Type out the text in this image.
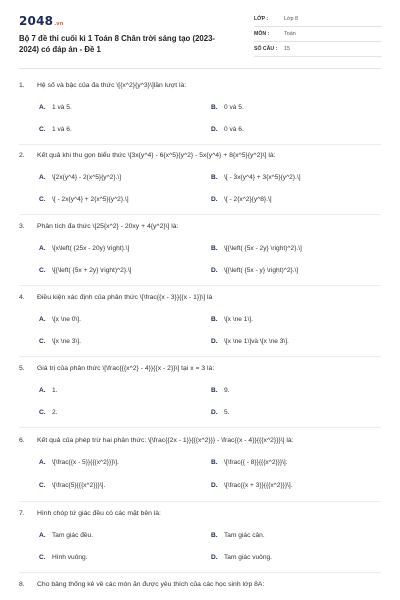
2048.vn
Bộ 7 đề thi cuối kì 1 Toán 8 Chân trời sáng tạo (2023-2024) có đáp án - Đề 1
LỚP :	Lớp 8
MÔN :	Toán
SỐ CÂU :	15
1. Hệ số và bậc của đa thức \[{x^2}{y^3}\]lần lượt là:
A. 1 và 5.	B. 0 và 5.
C. 1 và 6.	D. 0 và 6.
2. Kết quả khi thu gọn biểu thức \[3x{y^4} - 6{x^5}{y^2} - 5x{y^4} + 8{x^5}{y^2}\] là:
A. \[2x{y^4} - 2{x^5}{y^2}.\]	B. \[ - 3x{y^4} + 3{x^5}{y^2}.\]
C. \[ - 2x{y^4} + 2{x^5}{y^2}.\]	D. \[ - 2{x^2}{y^8}.\]
3. Phân tích đa thức \[25{x^2} - 20xy + 4{y^2}\] là:
A. \[x\left( {25x - 20y} \right).\]	B. \[{\left( {5x - 2y} \right)^2}.\]
C. \[{\left( {5x + 2y} \right)^2}.\]	D. \[{\left( {5x - y} \right)^2}.\]
4. Điều kiện xác định của phân thức \[\frac{{x - 3}}{{x - 1}}\] là
A. \[x \ne 0\].	B. \[x \ne 1\].
C. \[x \ne 3\].	D. \[x \ne 1\]và \[x \ne 3\].
5. Giá trị của phân thức \[\frac{{{x^2} - 4}}{{x - 2}}\] tại x = 3 là:
A. 1.	B. 9.
C. 2.	D. 5.
6. Kết quả của phép trừ hai phân thức: \[\frac{{2x - 1}}{{{x^2}}} - \frac{{x - 4}}{{{x^2}}}\] là:
A. \[\frac{{x - 5}}{{{x^2}}}\].	B. \[\frac{{ - 8}}{{{x^2}}}\].
C. \[\frac{5}{{{x^2}}}\].	D. \[\frac{{x + 3}}{{{x^2}}}\].
7. Hình chóp tứ giác đều có các mặt bên là:
A. Tam giác đều.	B. Tam giác cân.
C. Hình vuông.	D. Tam giác vuông.
8. Cho bảng thống kê về các món ăn được yêu thích của các học sinh lớp 8A:
